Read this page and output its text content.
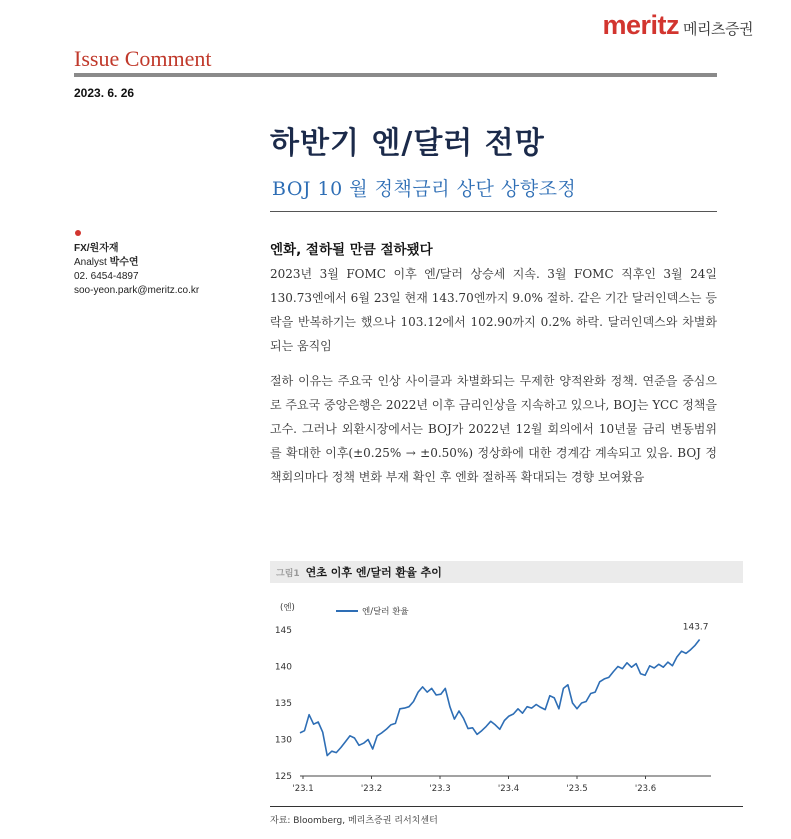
meritz 메리츠증권
Issue Comment
2023. 6. 26
하반기 엔/달러 전망
BOJ 10 월 정책금리 상단 상향조정
FX/원자재
Analyst 박수연
02. 6454-4897
soo-yeon.park@meritz.co.kr
엔화, 절하될 만큼 절하됐다
2023년 3월 FOMC 이후 엔/달러 상승세 지속. 3월 FOMC 직후인 3월 24일 130.73엔에서 6월 23일 현재 143.70엔까지 9.0% 절하. 같은 기간 달러인덱스는 등락을 반복하기는 했으나 103.12에서 102.90까지 0.2% 하락. 달러인덱스와 차별화되는 움직임
절하 이유는 주요국 인상 사이클과 차별화되는 무제한 양적완화 정책. 연준을 중심으로 주요국 중앙은행은 2022년 이후 금리인상을 지속하고 있으나, BOJ는 YCC 정책을 고수. 그러나 외환시장에서는 BOJ가 2022년 12월 회의에서 10년물 금리 변동범위를 확대한 이후(±0.25% → ±0.50%) 정상화에 대한 경계감 계속되고 있음. BOJ 정책회의마다 정책 변화 부재 확인 후 엔화 절하폭 확대되는 경향 보여왔음
그림1 연초 이후 엔/달러 환율 추이
(엔)
125
130
135
140
145
'23.1	'23.2	'23.3	'23.4	'23.5	'23.6
엔/달러 환율
143.7
자료: Bloomberg, 메리츠증권 리서치센터
